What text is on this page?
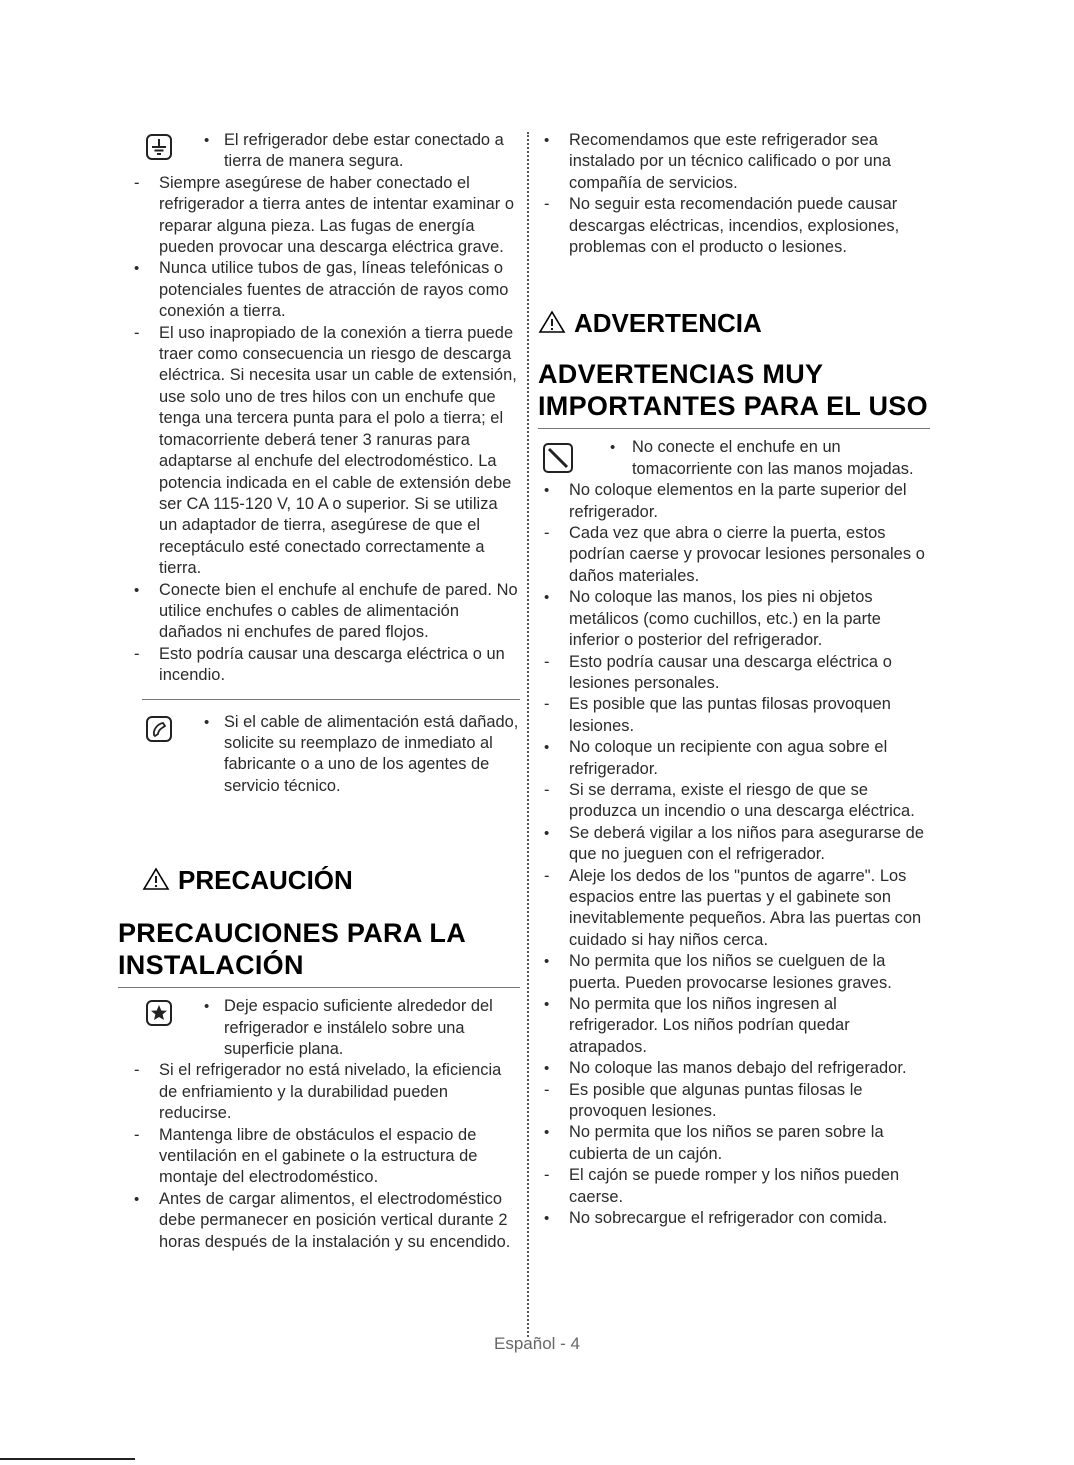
•
El refrigerador debe estar conectado a tierra de manera segura.
-
Siempre asegúrese de haber conectado el refrigerador a tierra antes de intentar examinar o reparar alguna pieza. Las fugas de energía pueden provocar una descarga eléctrica grave.
•
Nunca utilice tubos de gas, líneas telefónicas o potenciales fuentes de atracción de rayos como conexión a tierra.
-
El uso inapropiado de la conexión a tierra puede traer como consecuencia un riesgo de descarga eléctrica. Si necesita usar un cable de extensión, use solo uno de tres hilos con un enchufe que tenga una tercera punta para el polo a tierra; el tomacorriente deberá tener 3 ranuras para adaptarse al enchufe del electrodoméstico. La potencia indicada en el cable de extensión debe ser CA 115-120 V, 10 A o superior. Si se utiliza un adaptador de tierra, asegúrese de que el receptáculo esté conectado correctamente a tierra.
•
Conecte bien el enchufe al enchufe de pared. No utilice enchufes o cables de alimentación dañados ni enchufes de pared flojos.
-
Esto podría causar una descarga eléctrica o un incendio.
•
Si el cable de alimentación está dañado, solicite su reemplazo de inmediato al fabricante o a uno de los agentes de servicio técnico.
PRECAUCIÓN
PRECAUCIONES PARA LA INSTALACIÓN
•
Deje espacio suficiente alrededor del refrigerador e instálelo sobre una superficie plana.
-
Si el refrigerador no está nivelado, la eficiencia de enfriamiento y la durabilidad pueden reducirse.
-
Mantenga libre de obstáculos el espacio de ventilación en el gabinete o la estructura de montaje del electrodoméstico.
•
Antes de cargar alimentos, el electrodoméstico debe permanecer en posición vertical durante 2 horas después de la instalación y su encendido.
•
Recomendamos que este refrigerador sea instalado por un técnico calificado o por una compañía de servicios.
-
No seguir esta recomendación puede causar descargas eléctricas, incendios, explosiones, problemas con el producto o lesiones.
ADVERTENCIA
ADVERTENCIAS MUY IMPORTANTES PARA EL USO
•
No conecte el enchufe en un tomacorriente con las manos mojadas.
•
No coloque elementos en la parte superior del refrigerador.
-
Cada vez que abra o cierre la puerta, estos podrían caerse y provocar lesiones personales o daños materiales.
•
No coloque las manos, los pies ni objetos metálicos (como cuchillos, etc.) en la parte inferior o posterior del refrigerador.
-
Esto podría causar una descarga eléctrica o lesiones personales.
-
Es posible que las puntas filosas provoquen lesiones.
•
No coloque un recipiente con agua sobre el refrigerador.
-
Si se derrama, existe el riesgo de que se produzca un incendio o una descarga eléctrica.
•
Se deberá vigilar a los niños para asegurarse de que no jueguen con el refrigerador.
-
Aleje los dedos de los "puntos de agarre". Los espacios entre las puertas y el gabinete son inevitablemente pequeños. Abra las puertas con cuidado si hay niños cerca.
•
No permita que los niños se cuelguen de la puerta. Pueden provocarse lesiones graves.
•
No permita que los niños ingresen al refrigerador. Los niños podrían quedar atrapados.
•
No coloque las manos debajo del refrigerador.
-
Es posible que algunas puntas filosas le provoquen lesiones.
•
No permita que los niños se paren sobre la cubierta de un cajón.
-
El cajón se puede romper y los niños pueden caerse.
•
No sobrecargue el refrigerador con comida.
Español - 4
